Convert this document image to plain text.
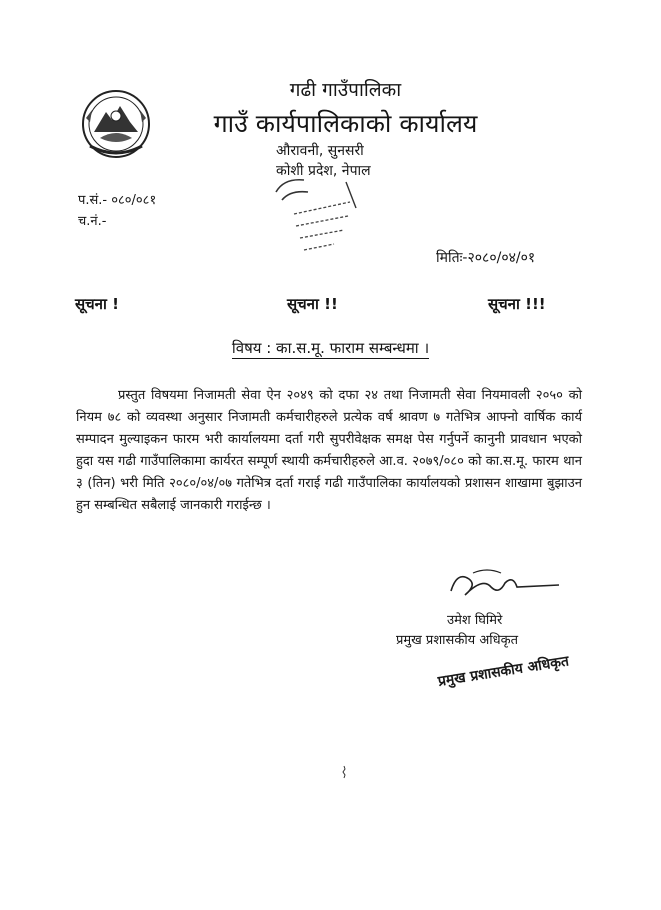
गढी गाउँपालिका
गाउँ कार्यपालिकाको कार्यालय
औरावनी, सुनसरी
कोशी प्रदेश, नेपाल
प.सं.- ०८०/०८१
च.नं.-
मितिः-२०८०/०४/०१
सूचना !	सूचना !!	सूचना !!!
विषय : का.स.मू. फाराम सम्बन्धमा ।

प्रस्तुत विषयमा निजामती सेवा ऐन २०४९ को दफा २४ तथा निजामती सेवा नियमावली २०५० को नियम ७८ को व्यवस्था अनुसार निजामती कर्मचारीहरुले प्रत्येक वर्ष श्रावण ७ गतेभित्र आफ्नो वार्षिक कार्य सम्पादन मुल्याइकन फारम भरी कार्यालयमा दर्ता गरी सुपरीवेक्षक समक्ष पेस गर्नुपर्ने कानुनी प्रावधान भएको हुदा यस गढी गाउँपालिकामा कार्यरत सम्पूर्ण स्थायी कर्मचारीहरुले आ.व. २०७९/०८० को का.स.मू. फारम थान ३ (तिन) भरी मिति २०८०/०४/०७ गतेभित्र दर्ता गराई गढी गाउँपालिका कार्यालयको प्रशासन शाखामा बुझाउन हुन सम्बन्धित सबैलाई जानकारी गराईन्छ ।

उमेश घिमिरे
प्रमुख प्रशासकीय अधिकृत
प्रमुख प्रशासकीय अधिकृत
